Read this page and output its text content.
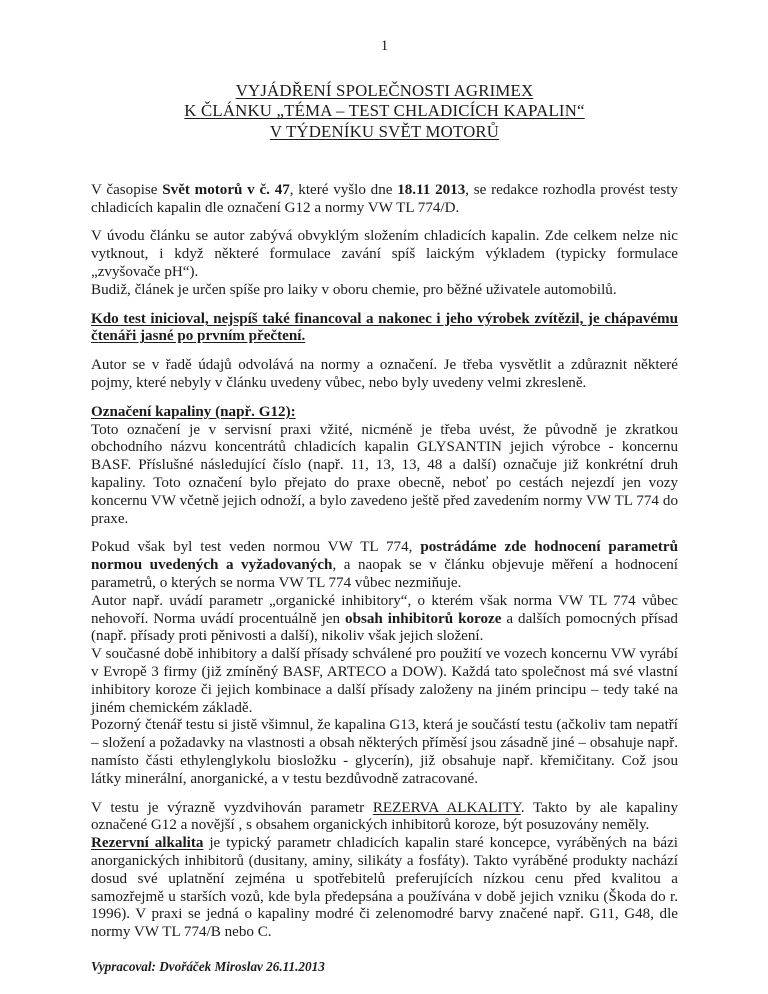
1
VYJÁDŘENÍ SPOLEČNOSTI AGRIMEX
K ČLÁNKU „TÉMA – TEST CHLADICÍCH KAPALIN“
V TÝDENÍKU SVĚT MOTORŮ

V časopise Svět motorů v č. 47, které vyšlo dne 18.11 2013, se redakce rozhodla provést testy chladicích kapalin dle označení G12 a normy VW TL 774/D.

V úvodu článku se autor zabývá obvyklým složením chladicích kapalin. Zde celkem nelze nic vytknout, i když některé formulace zavání spíš laickým výkladem (typicky formulace „zvyšovače pH“).

Budiž, článek je určen spíše pro laiky v oboru chemie, pro běžné uživatele automobilů.

Kdo test inicioval, nejspíš také financoval a nakonec i jeho výrobek zvítězil, je chápavému čtenáři jasné po prvním přečtení.

Autor se v řadě údajů odvolává na normy a označení. Je třeba vysvětlit a zdůraznit některé pojmy, které nebyly v článku uvedeny vůbec, nebo byly uvedeny velmi zkresleně.

Označení kapaliny (např. G12):

Toto označení je v servisní praxi vžité, nicméně je třeba uvést, že původně je zkratkou obchodního názvu koncentrátů chladicích kapalin GLYSANTIN jejich výrobce - koncernu BASF. Příslušné následující číslo (např. 11, 13, 13, 48 a další) označuje již konkrétní druh kapaliny. Toto označení bylo přejato do praxe obecně, neboť po cestách nejezdí jen vozy koncernu VW včetně jejich odnoží, a bylo zavedeno ještě před zavedením normy VW TL 774 do praxe.

Pokud však byl test veden normou VW TL 774, postrádáme zde hodnocení parametrů normou uvedených a vyžadovaných, a naopak se v článku objevuje měření a hodnocení parametrů, o kterých se norma VW TL 774 vůbec nezmiňuje.

Autor např. uvádí parametr „organické inhibitory“, o kterém však norma VW TL 774 vůbec nehovoří. Norma uvádí procentuálně jen obsah inhibitorů koroze a dalších pomocných přísad (např. přísady proti pěnivosti a další), nikoliv však jejich složení.

V současné době inhibitory a další přísady schválené pro použití ve vozech koncernu VW vyrábí v Evropě 3 firmy (již zmíněný BASF, ARTECO a DOW). Každá tato společnost má své vlastní inhibitory koroze či jejich kombinace a další přísady založeny na jiném principu – tedy také na jiném chemickém základě.

Pozorný čtenář testu si jistě všimnul, že kapalina G13, která je součástí testu (ačkoliv tam nepatří – složení a požadavky na vlastnosti a obsah některých příměsí jsou zásadně jiné – obsahuje např. namísto části ethylenglykolu biosložku - glycerín), již obsahuje např. křemičitany. Což jsou látky minerální, anorganické, a v testu bezdůvodně zatracované.

V testu je výrazně vyzdvihován parametr REZERVA ALKALITY. Takto by ale kapaliny označené G12 a novější , s obsahem organických inhibitorů koroze, být posuzovány neměly.

Rezervní alkalita je typický parametr chladicích kapalin staré koncepce, vyráběných na bázi anorganických inhibitorů (dusitany, aminy, silikáty a fosfáty). Takto vyráběné produkty nachází dosud své uplatnění zejména u spotřebitelů preferujících nízkou cenu před kvalitou a samozřejmě u starších vozů, kde byla předepsána a používána v době jejich vzniku (Škoda do r. 1996). V praxi se jedná o kapaliny modré či zelenomodré barvy značené např. G11, G48, dle normy VW TL 774/B nebo C.

Vypracoval: Dvořáček Miroslav 26.11.2013
